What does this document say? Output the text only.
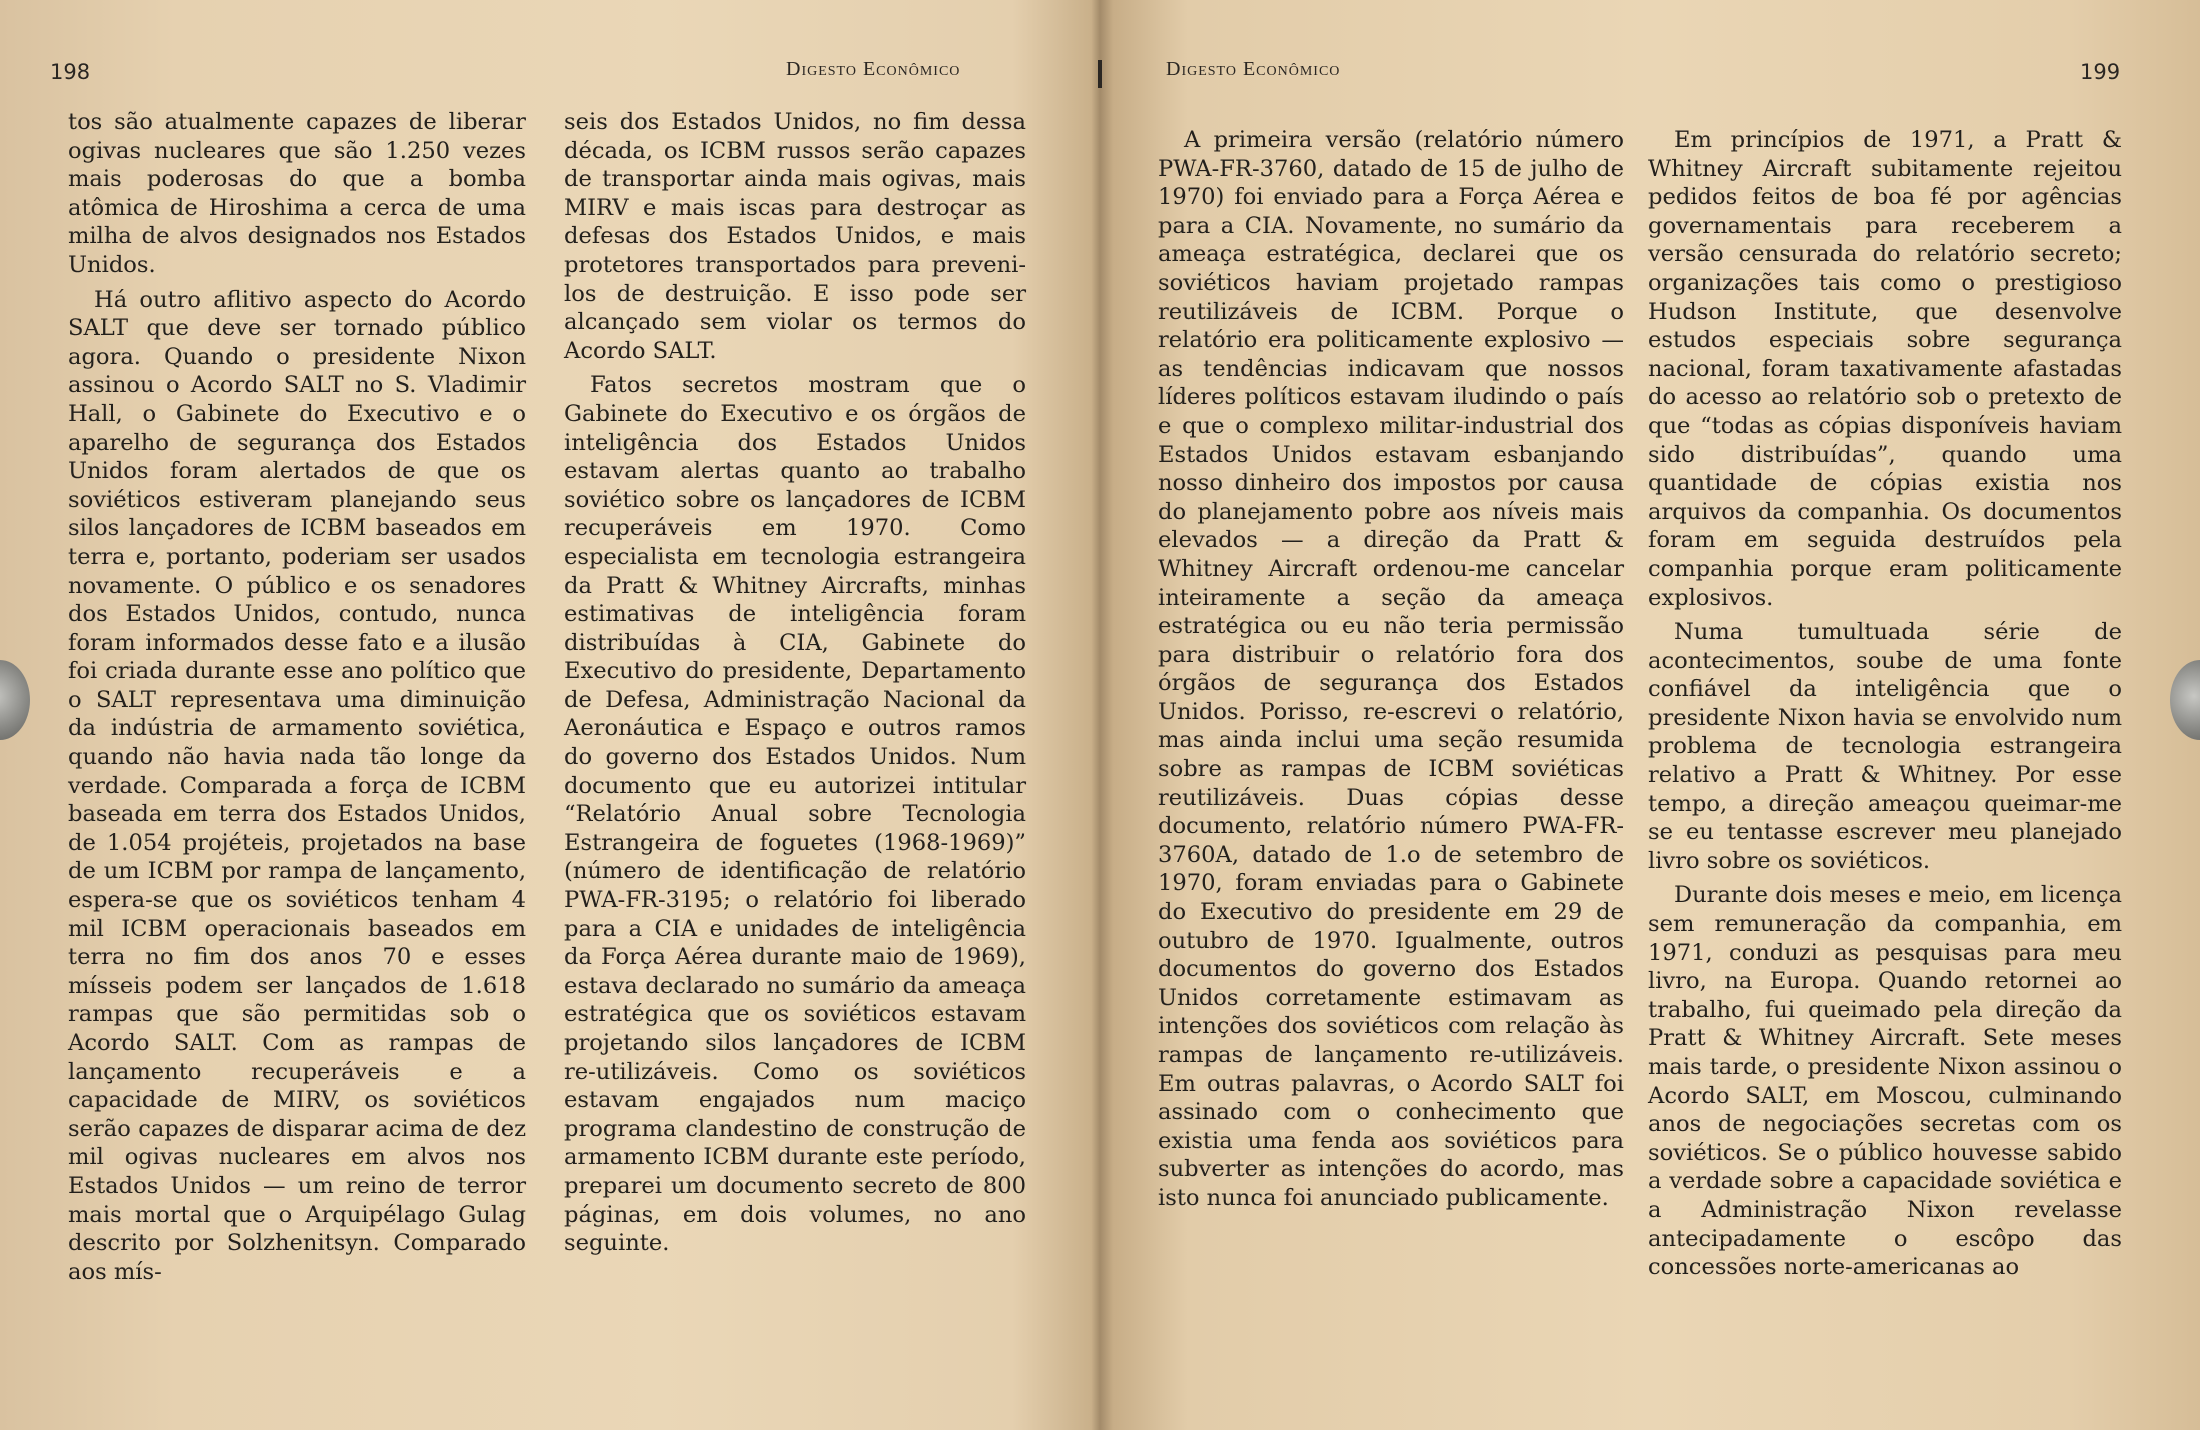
198	Digesto Econômico

tos são atualmente capazes de liberar ogivas nucleares que são 1.250 vezes mais poderosas do que a bomba atômica de Hiroshima a cerca de uma milha de alvos designados nos Estados Unidos.

Há outro aflitivo aspecto do Acordo SALT que deve ser tornado público agora. Quando o presidente Nixon assinou o Acordo SALT no S. Vladimir Hall, o Gabinete do Executivo e o aparelho de segurança dos Estados Unidos foram alertados de que os soviéticos estiveram planejando seus silos lançadores de ICBM baseados em terra e, portanto, poderiam ser usados novamente. O público e os senadores dos Estados Unidos, contudo, nunca foram informados desse fato e a ilusão foi criada durante esse ano político que o SALT representava uma diminuição da indústria de armamento soviética, quando não havia nada tão longe da verdade. Comparada a força de ICBM baseada em terra dos Estados Unidos, de 1.054 projéteis, projetados na base de um ICBM por rampa de lançamento, espera-se que os soviéticos tenham 4 mil ICBM operacionais baseados em terra no fim dos anos 70 e esses mísseis podem ser lançados de 1.618 rampas que são permitidas sob o Acordo SALT. Com as rampas de lançamento recuperáveis e a capacidade de MIRV, os soviéticos serão capazes de disparar acima de dez mil ogivas nucleares em alvos nos Estados Unidos — um reino de terror mais mortal que o Arquipélago Gulag descrito por Solzhenitsyn. Comparado aos mís-

seis dos Estados Unidos, no fim dessa década, os ICBM russos serão capazes de transportar ainda mais ogivas, mais MIRV e mais iscas para destroçar as defesas dos Estados Unidos, e mais protetores transportados para preveni-los de destruição. E isso pode ser alcançado sem violar os termos do Acordo SALT.

Fatos secretos mostram que o Gabinete do Executivo e os órgãos de inteligência dos Estados Unidos estavam alertas quanto ao trabalho soviético sobre os lançadores de ICBM recuperáveis em 1970. Como especialista em tecnologia estrangeira da Pratt & Whitney Aircrafts, minhas estimativas de inteligência foram distribuídas à CIA, Gabinete do Executivo do presidente, Departamento de Defesa, Administração Nacional da Aeronáutica e Espaço e outros ramos do governo dos Estados Unidos. Num documento que eu autorizei intitular “Relatório Anual sobre Tecnologia Estrangeira de foguetes (1968-1969)” (número de identificação de relatório PWA-FR-3195; o relatório foi liberado para a CIA e unidades de inteligência da Força Aérea durante maio de 1969), estava declarado no sumário da ameaça estratégica que os soviéticos estavam projetando silos lançadores de ICBM re-utilizáveis. Como os soviéticos estavam engajados num maciço programa clandestino de construção de armamento ICBM durante este período, preparei um documento secreto de 800 páginas, em dois volumes, no ano seguinte.

Digesto Econômico	199

A primeira versão (relatório número PWA-FR-3760, datado de 15 de julho de 1970) foi enviado para a Força Aérea e para a CIA. Novamente, no sumário da ameaça estratégica, declarei que os soviéticos haviam projetado rampas reutilizáveis de ICBM. Porque o relatório era politicamente explosivo — as tendências indicavam que nossos líderes políticos estavam iludindo o país e que o complexo militar-industrial dos Estados Unidos estavam esbanjando nosso dinheiro dos impostos por causa do planejamento pobre aos níveis mais elevados — a direção da Pratt & Whitney Aircraft ordenou-me cancelar inteiramente a seção da ameaça estratégica ou eu não teria permissão para distribuir o relatório fora dos órgãos de segurança dos Estados Unidos. Porisso, re-escrevi o relatório, mas ainda inclui uma seção resumida sobre as rampas de ICBM soviéticas reutilizáveis. Duas cópias desse documento, relatório número PWA-FR-3760A, datado de 1.o de setembro de 1970, foram enviadas para o Gabinete do Executivo do presidente em 29 de outubro de 1970. Igualmente, outros documentos do governo dos Estados Unidos corretamente estimavam as intenções dos soviéticos com relação às rampas de lançamento re-utilizáveis. Em outras palavras, o Acordo SALT foi assinado com o conhecimento que existia uma fenda aos soviéticos para subverter as intenções do acordo, mas isto nunca foi anunciado publicamente.

Em princípios de 1971, a Pratt & Whitney Aircraft subitamente rejeitou pedidos feitos de boa fé por agências governamentais para receberem a versão censurada do relatório secreto; organizações tais como o prestigioso Hudson Institute, que desenvolve estudos especiais sobre segurança nacional, foram taxativamente afastadas do acesso ao relatório sob o pretexto de que “todas as cópias disponíveis haviam sido distribuídas”, quando uma quantidade de cópias existia nos arquivos da companhia. Os documentos foram em seguida destruídos pela companhia porque eram politicamente explosivos.

Numa tumultuada série de acontecimentos, soube de uma fonte confiável da inteligência que o presidente Nixon havia se envolvido num problema de tecnologia estrangeira relativo a Pratt & Whitney. Por esse tempo, a direção ameaçou queimar-me se eu tentasse escrever meu planejado livro sobre os soviéticos.

Durante dois meses e meio, em licença sem remuneração da companhia, em 1971, conduzi as pesquisas para meu livro, na Europa. Quando retornei ao trabalho, fui queimado pela direção da Pratt & Whitney Aircraft. Sete meses mais tarde, o presidente Nixon assinou o Acordo SALT, em Moscou, culminando anos de negociações secretas com os soviéticos. Se o público houvesse sabido a verdade sobre a capacidade soviética e a Administração Nixon revelasse antecipadamente o escôpo das concessões norte-americanas ao
